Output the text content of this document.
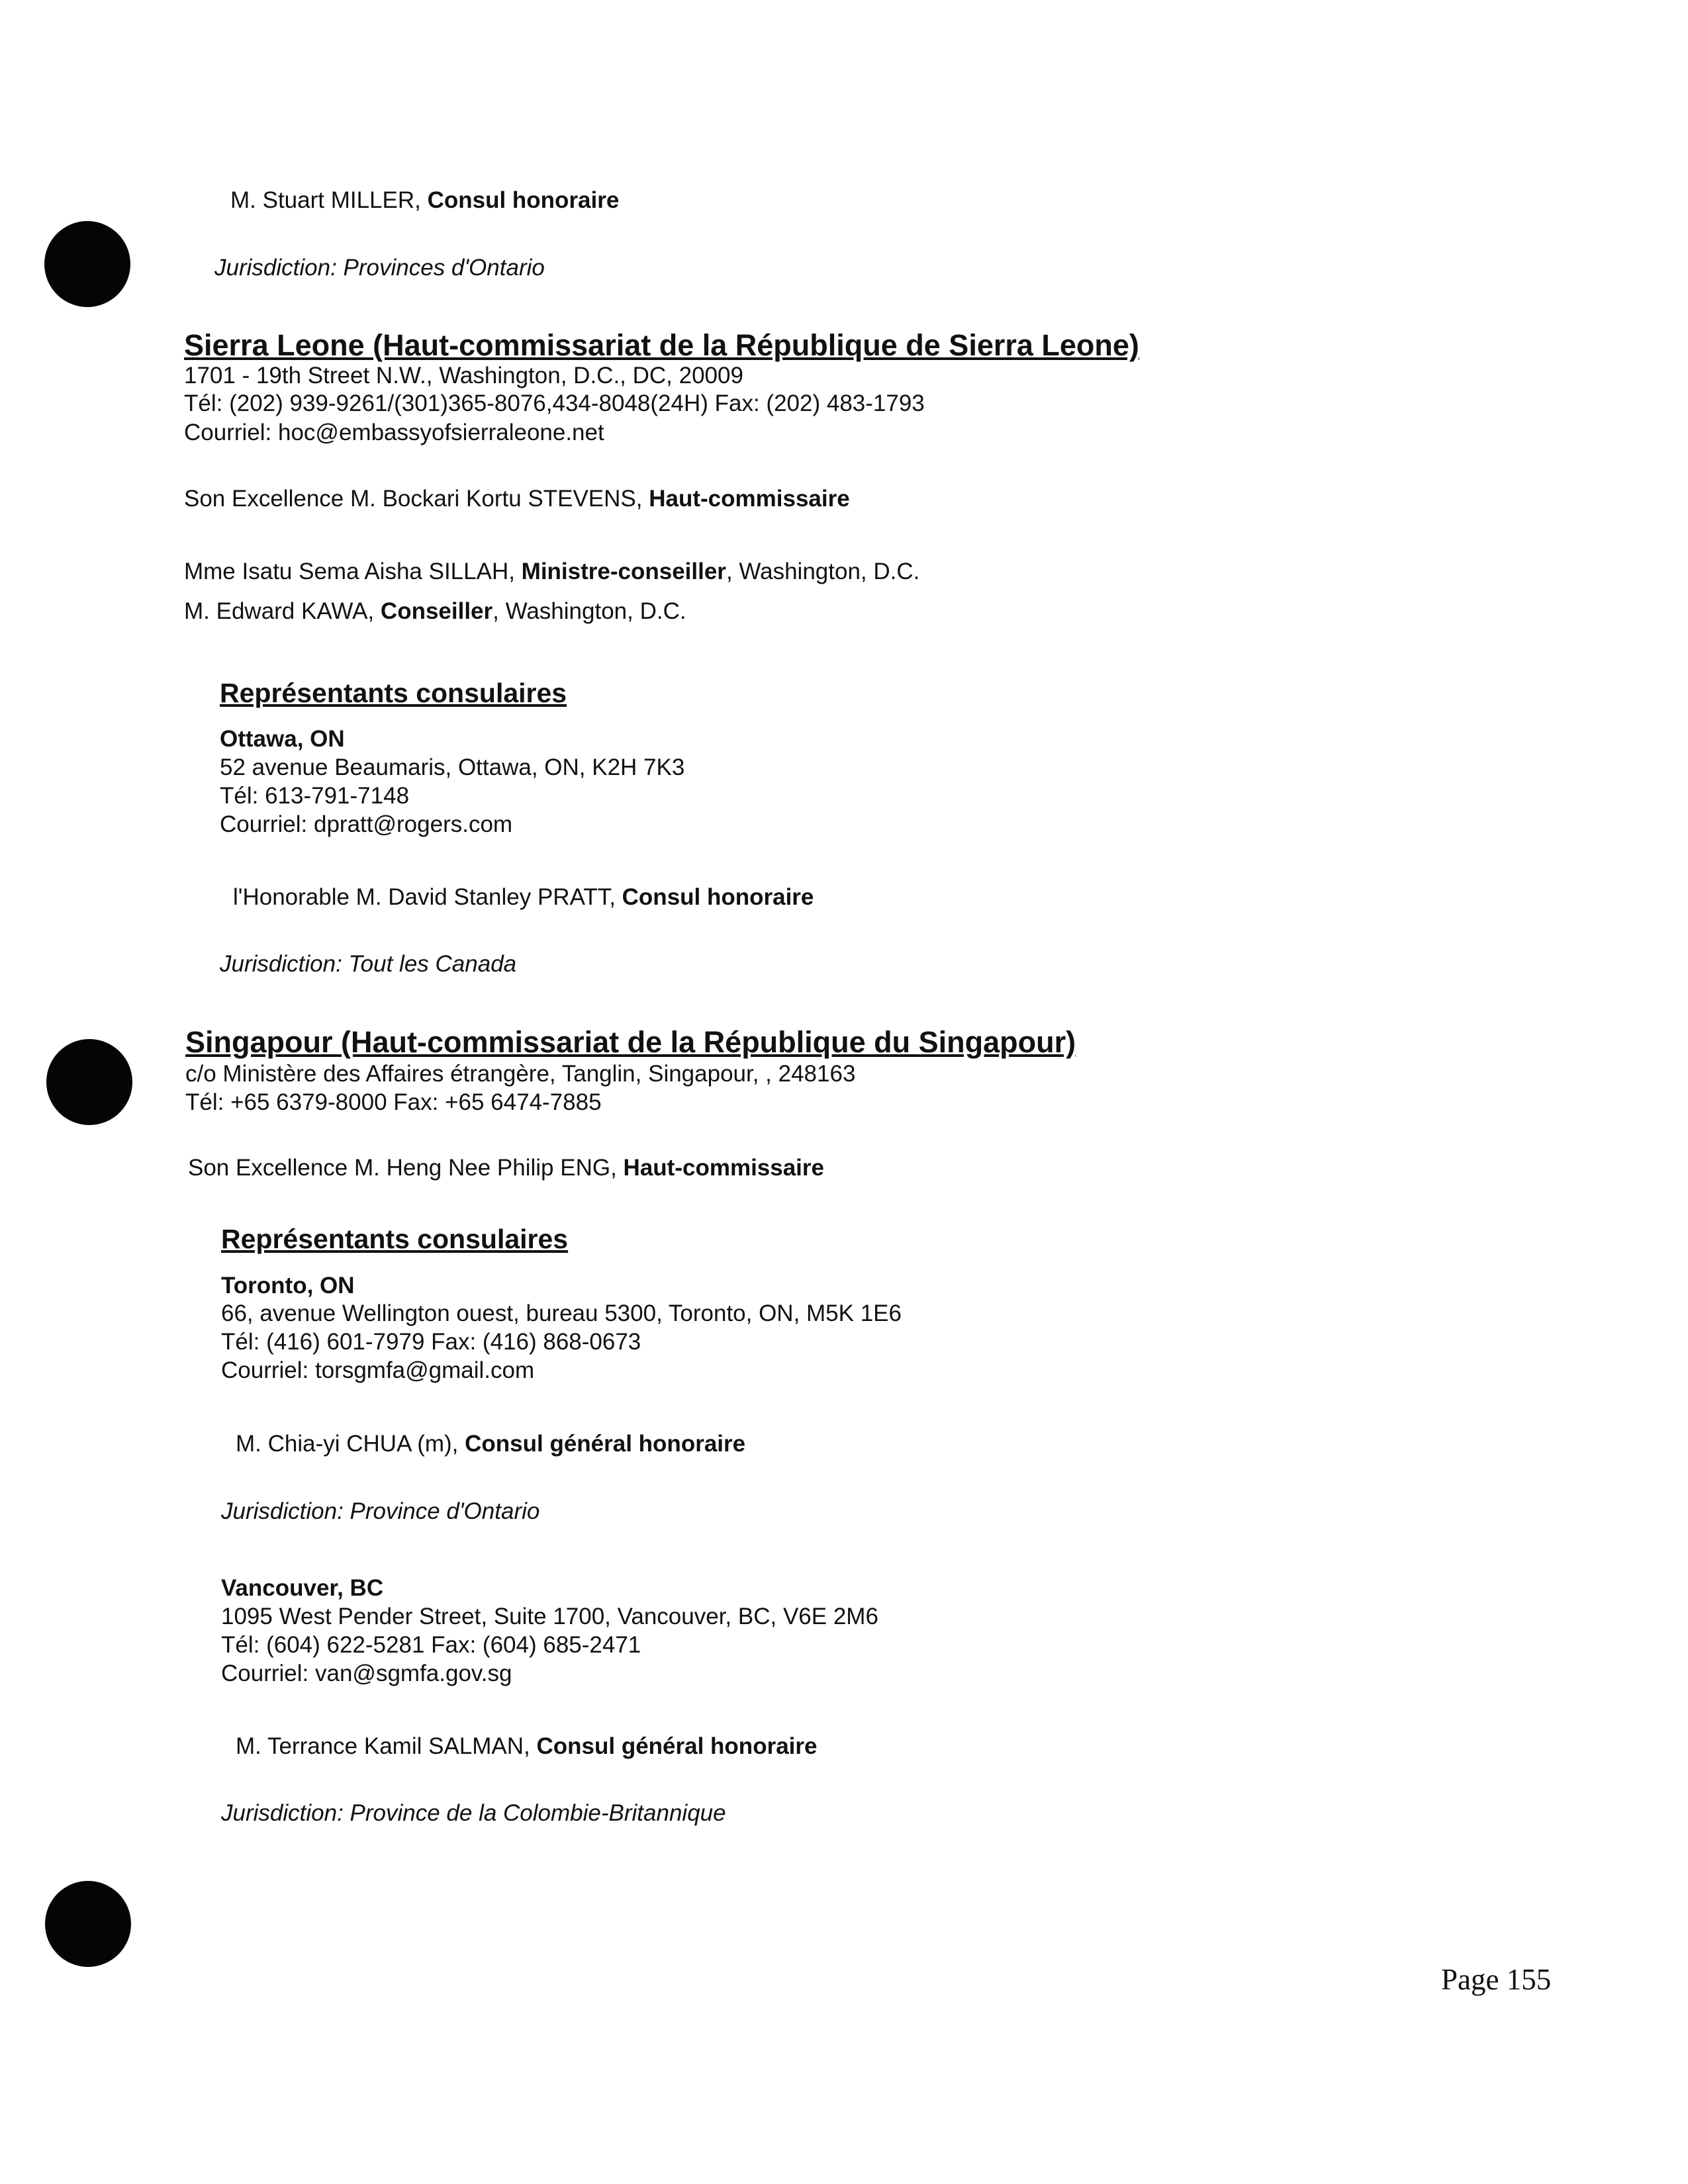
M. Stuart MILLER, Consul honoraire
Jurisdiction: Provinces d'Ontario
Sierra Leone (Haut-commissariat de la République de Sierra Leone)
1701 - 19th Street N.W., Washington, D.C., DC, 20009
Tél: (202) 939-9261/(301)365-8076,434-8048(24H) Fax: (202) 483-1793
Courriel: hoc@embassyofsierraleone.net
Son Excellence M. Bockari Kortu STEVENS, Haut-commissaire
Mme Isatu Sema Aisha SILLAH, Ministre-conseiller, Washington, D.C.
M. Edward KAWA, Conseiller, Washington, D.C.
Représentants consulaires
Ottawa, ON
52 avenue Beaumaris, Ottawa, ON, K2H 7K3
Tél: 613-791-7148
Courriel: dpratt@rogers.com
l'Honorable M. David Stanley PRATT, Consul honoraire
Jurisdiction: Tout les Canada
Singapour (Haut-commissariat de la République du Singapour)
c/o Ministère des Affaires étrangère, Tanglin, Singapour, , 248163
Tél: +65 6379-8000 Fax: +65 6474-7885
Son Excellence M. Heng Nee Philip ENG, Haut-commissaire
Représentants consulaires
Toronto, ON
66, avenue Wellington ouest, bureau 5300, Toronto, ON, M5K 1E6
Tél: (416) 601-7979 Fax: (416) 868-0673
Courriel: torsgmfa@gmail.com
M. Chia-yi CHUA (m), Consul général honoraire
Jurisdiction: Province d'Ontario
Vancouver, BC
1095 West Pender Street, Suite 1700, Vancouver, BC, V6E 2M6
Tél: (604) 622-5281 Fax: (604) 685-2471
Courriel: van@sgmfa.gov.sg
M. Terrance Kamil SALMAN, Consul général honoraire
Jurisdiction: Province de la Colombie-Britannique
Page 155
